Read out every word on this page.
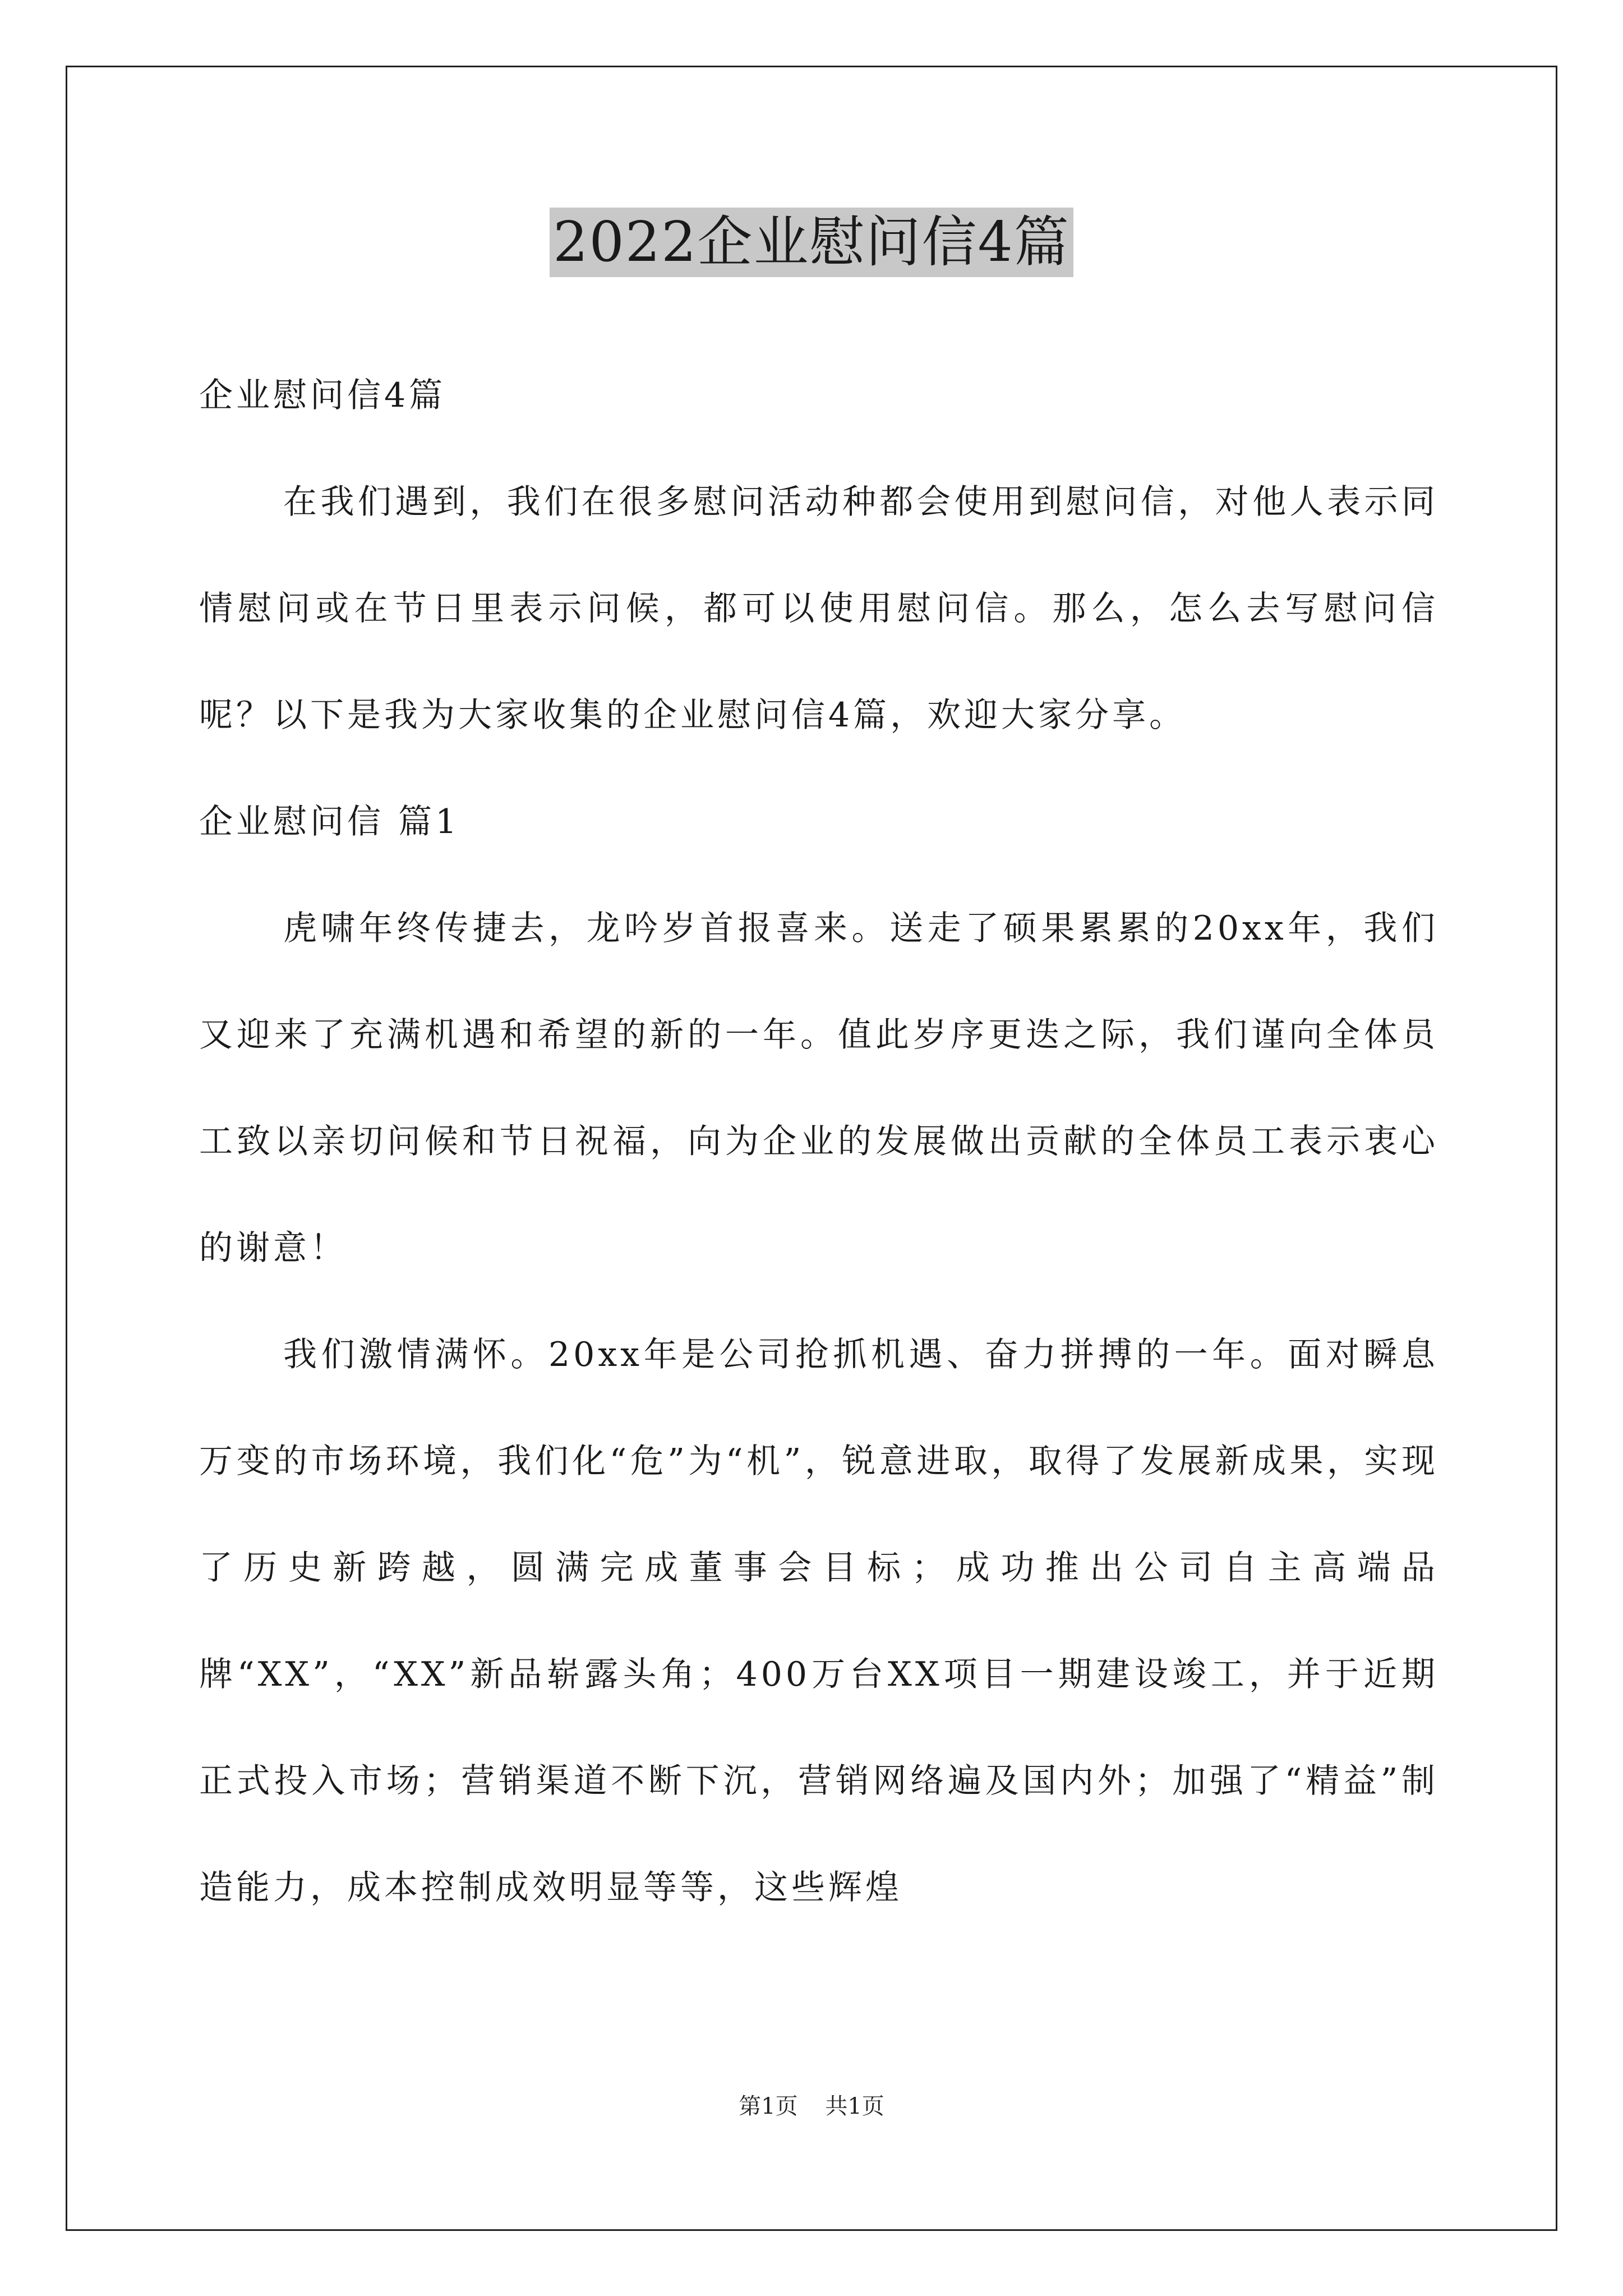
2022企业慰问信4篇

企业慰问信4篇

在我们遇到，我们在很多慰问活动种都会使用到慰问信，对他人表示同情慰问或在节日里表示问候，都可以使用慰问信。那么，怎么去写慰问信呢？以下是我为大家收集的企业慰问信4篇，欢迎大家分享。

企业慰问信 篇1

虎啸年终传捷去，龙吟岁首报喜来。送走了硕果累累的20xx年，我们又迎来了充满机遇和希望的新的一年。值此岁序更迭之际，我们谨向全体员工致以亲切问候和节日祝福，向为企业的发展做出贡献的全体员工表示衷心的谢意！

我们激情满怀。20xx年是公司抢抓机遇、奋力拼搏的一年。面对瞬息万变的市场环境，我们化“危”为“机”，锐意进取，取得了发展新成果，实现了历史新跨越，圆满完成董事会目标；成功推出公司自主高端品牌“XX”，“XX”新品崭露头角；400万台XX项目一期建设竣工，并于近期正式投入市场；营销渠道不断下沉，营销网络遍及国内外；加强了“精益”制造能力，成本控制成效明显等等，这些辉煌

第1页 共1页
